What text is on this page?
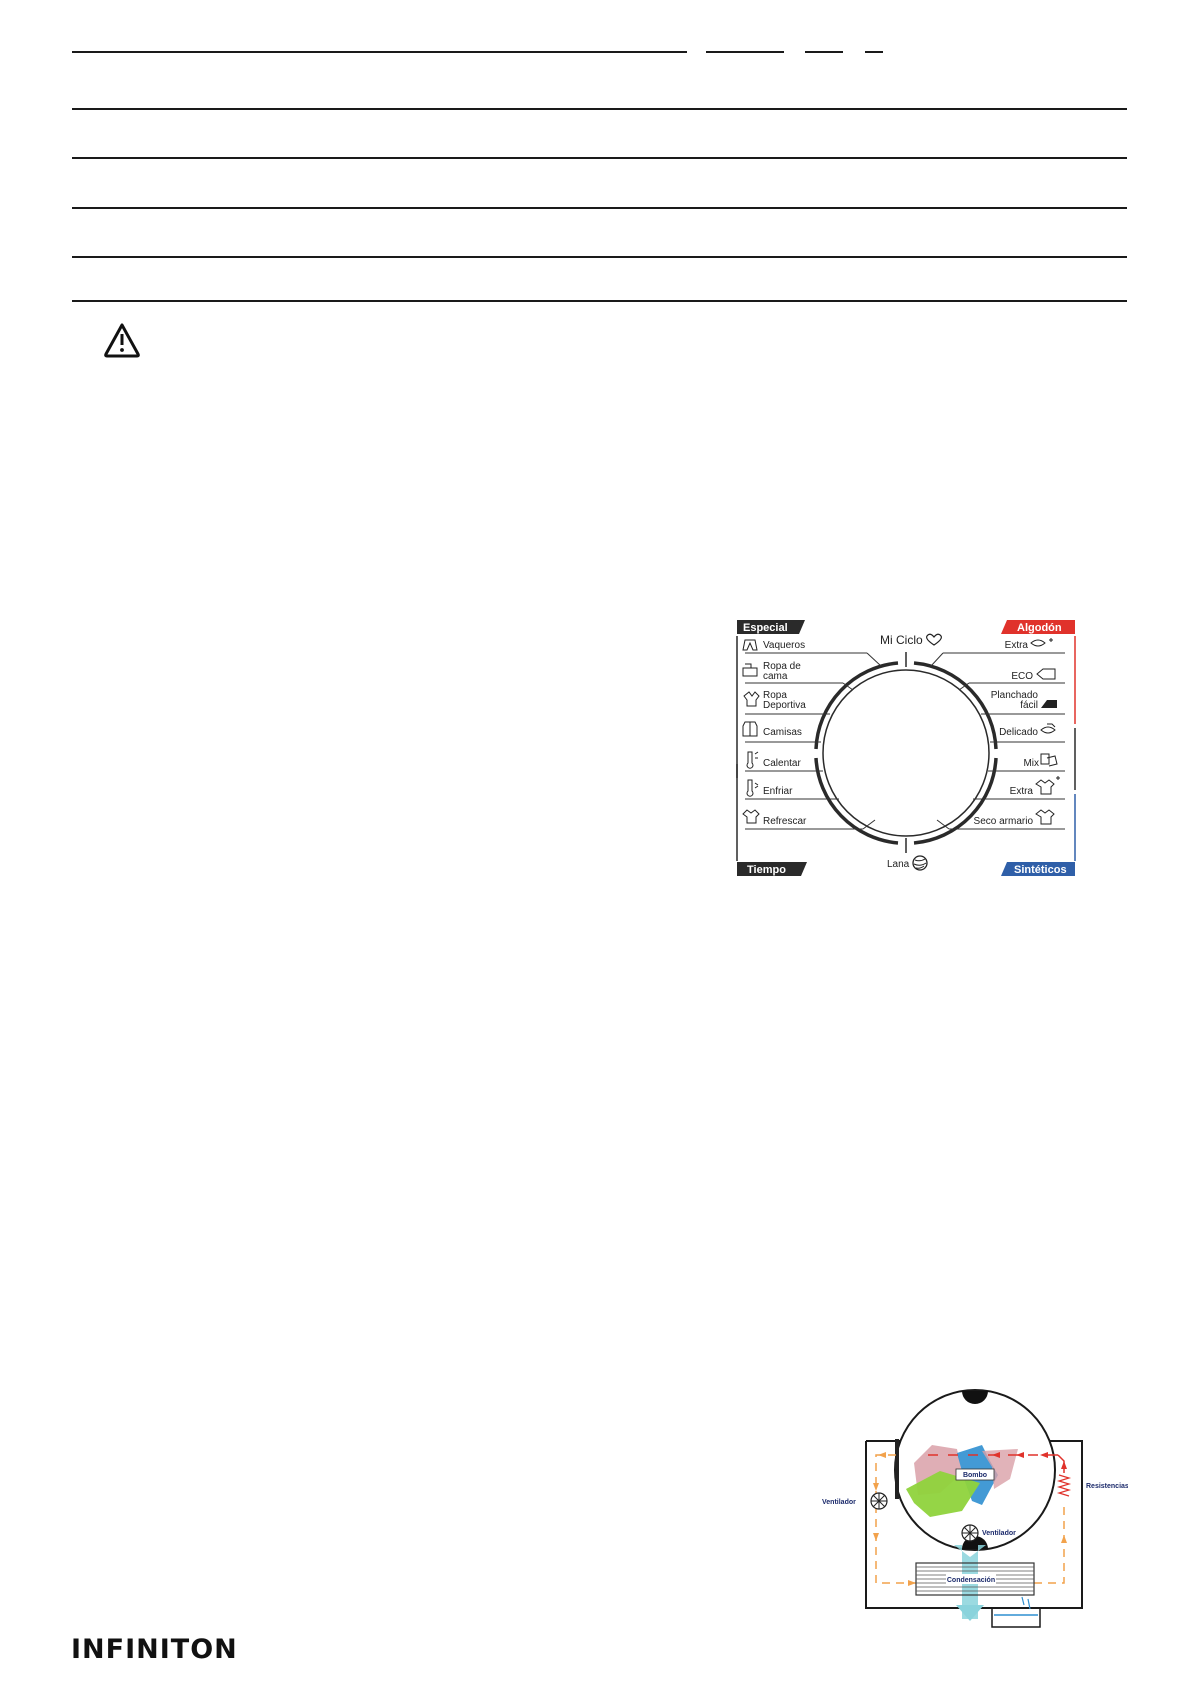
Especial	Algodón
Tiempo	Sintéticos
Mi Ciclo
Lana
Vaqueros
Ropa de
cama
Ropa
Deportiva
Camisas
Calentar
Enfriar
Refrescar
Extra
ECO
Planchado
fácil
Delicado
Mix
Extra
Seco armario
Bombo
Resistencias
Ventilador
Ventilador
Condensación
INFINITON
